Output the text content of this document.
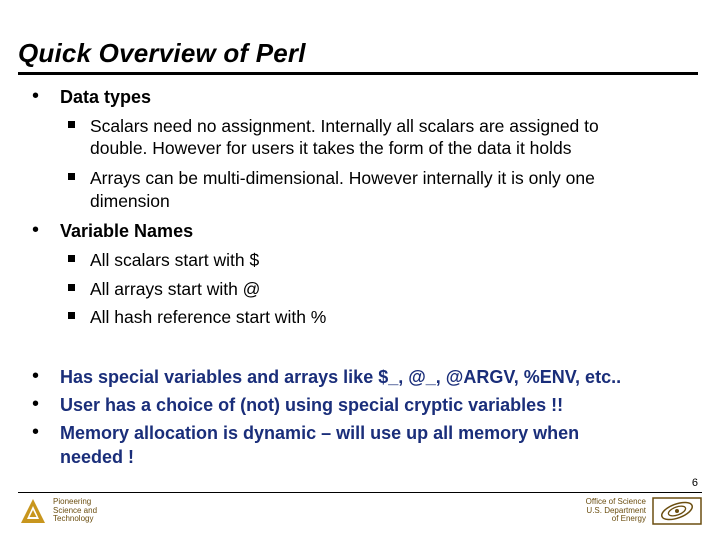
Quick Overview of Perl
• Data types
Scalars need no assignment. Internally all scalars are assigned to
double. However for users it takes the form of the data it holds
Arrays can be multi-dimensional. However internally it is only one
dimension
• Variable Names
All scalars start with $
All arrays start with @
All hash reference start with %
• Has special variables and arrays like $_, @_, @ARGV, %ENV, etc..
• User has a choice of (not) using special cryptic variables !!
• Memory allocation is dynamic – will use up all memory when
needed !
6
Pioneering
Science and
Technology
Office of Science
U.S. Department
of Energy
